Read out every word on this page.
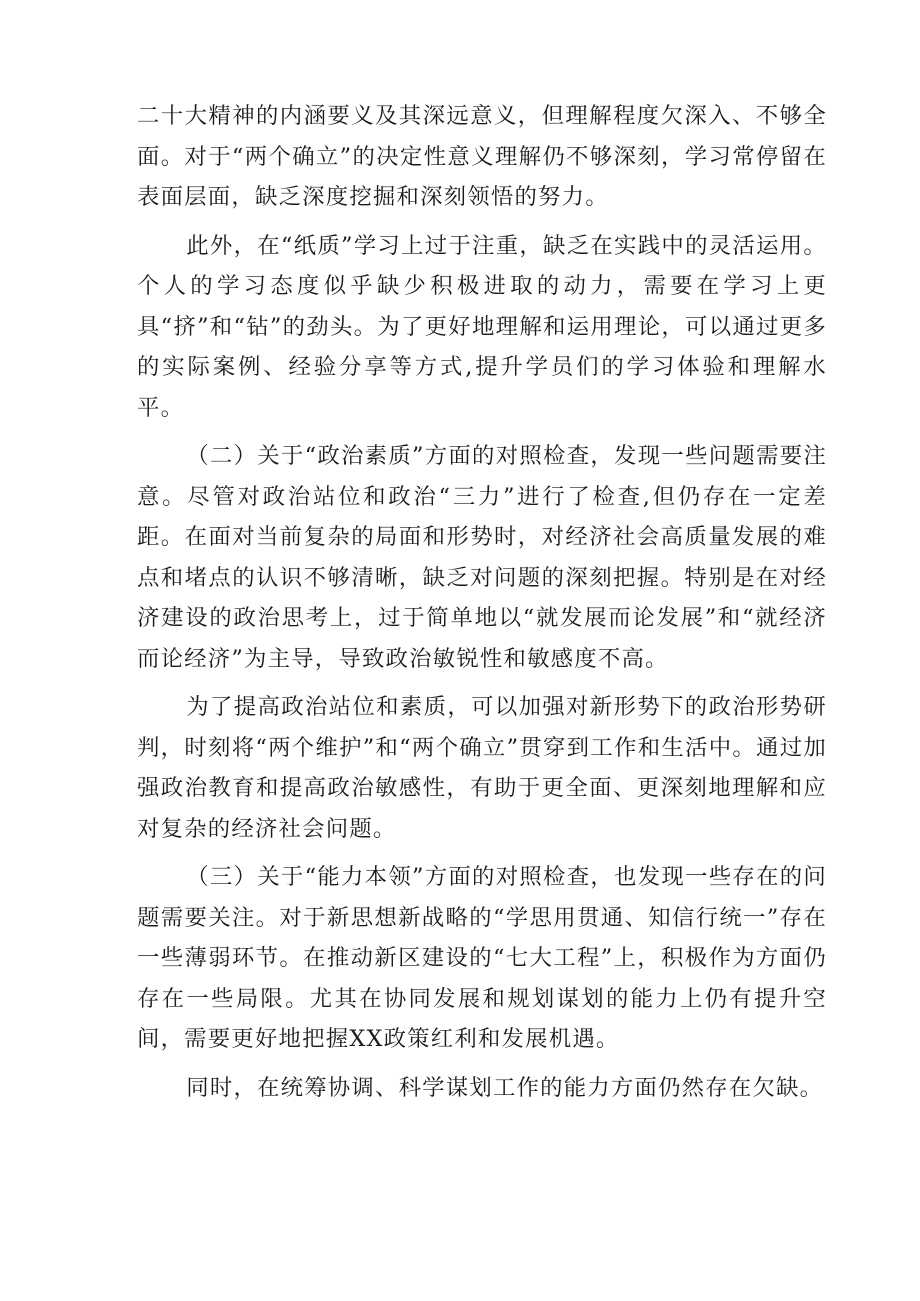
二十大精神的内涵要义及其深远意义，但理解程度欠深入、不够全面。对于“两个确立”的决定性意义理解仍不够深刻，学习常停留在表面层面，缺乏深度挖掘和深刻领悟的努力。

此外，在“纸质”学习上过于注重，缺乏在实践中的灵活运用。个人的学习态度似乎缺少积极进取的动力，需要在学习上更具“挤”和“钻”的劲头。为了更好地理解和运用理论，可以通过更多的实际案例、经验分享等方式,提升学员们的学习体验和理解水平。

（二）关于“政治素质”方面的对照检查，发现一些问题需要注意。尽管对政治站位和政治“三力”进行了检查,但仍存在一定差距。在面对当前复杂的局面和形势时，对经济社会高质量发展的难点和堵点的认识不够清晰，缺乏对问题的深刻把握。特别是在对经济建设的政治思考上，过于简单地以“就发展而论发展”和“就经济而论经济”为主导，导致政治敏锐性和敏感度不高。

为了提高政治站位和素质，可以加强对新形势下的政治形势研判，时刻将“两个维护”和“两个确立”贯穿到工作和生活中。通过加强政治教育和提高政治敏感性，有助于更全面、更深刻地理解和应对复杂的经济社会问题。

（三）关于“能力本领”方面的对照检查，也发现一些存在的问题需要关注。对于新思想新战略的“学思用贯通、知信行统一”存在一些薄弱环节。在推动新区建设的“七大工程”上，积极作为方面仍存在一些局限。尤其在协同发展和规划谋划的能力上仍有提升空间，需要更好地把握XX政策红利和发展机遇。

同时，在统筹协调、科学谋划工作的能力方面仍然存在欠缺。
